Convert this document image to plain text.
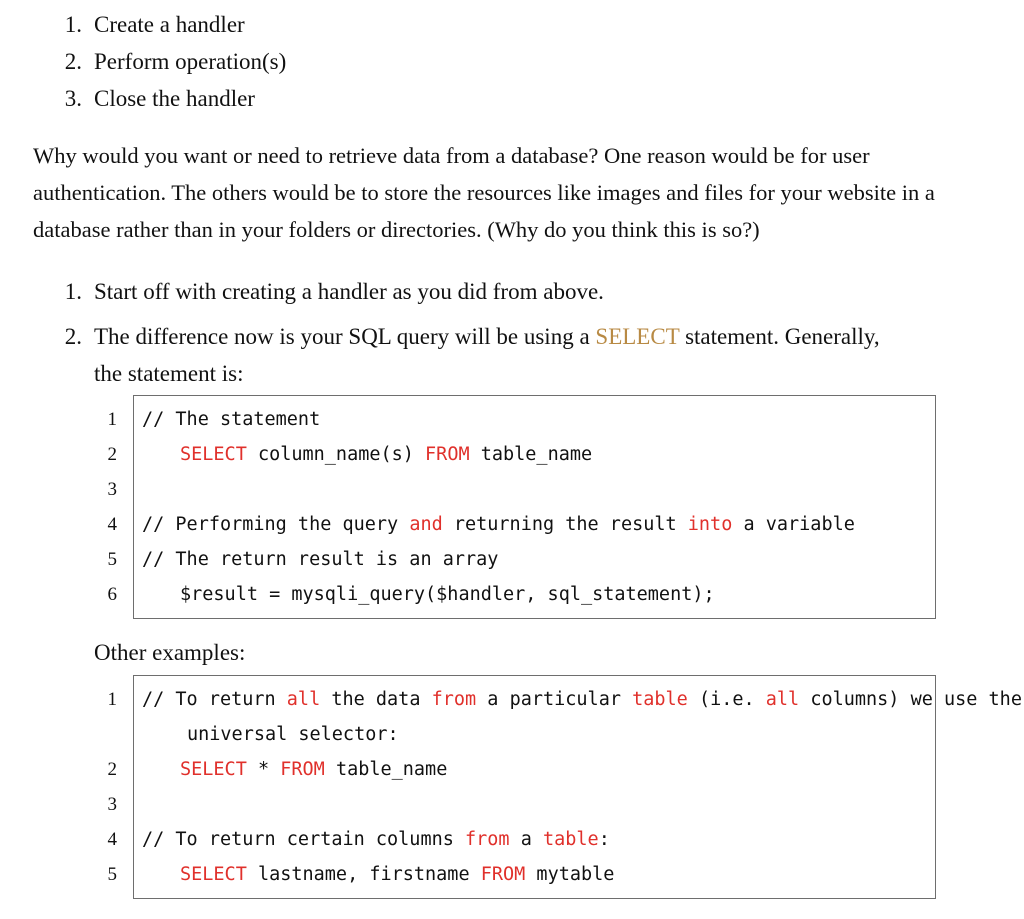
1. Create a handler
2. Perform operation(s)
3. Close the handler
Why would you want or need to retrieve data from a database? One reason would be for user authentication. The others would be to store the resources like images and files for your website in a database rather than in your folders or directories. (Why do you think this is so?)
1. Start off with creating a handler as you did from above.
2. The difference now is your SQL query will be using a SELECT statement. Generally,
the statement is:
1 // The statement
2	SELECT column_name(s) FROM table_name
3
4 // Performing the query and returning the result into a variable
5 // The return result is an array
6	$result = mysqli_query($handler, sql_statement);
Other examples:
1 // To return all the data from a particular table (i.e. all columns) we use the
universal selector:
2	SELECT * FROM table_name
3
4 // To return certain columns from a table:
5	SELECT lastname, firstname FROM mytable
